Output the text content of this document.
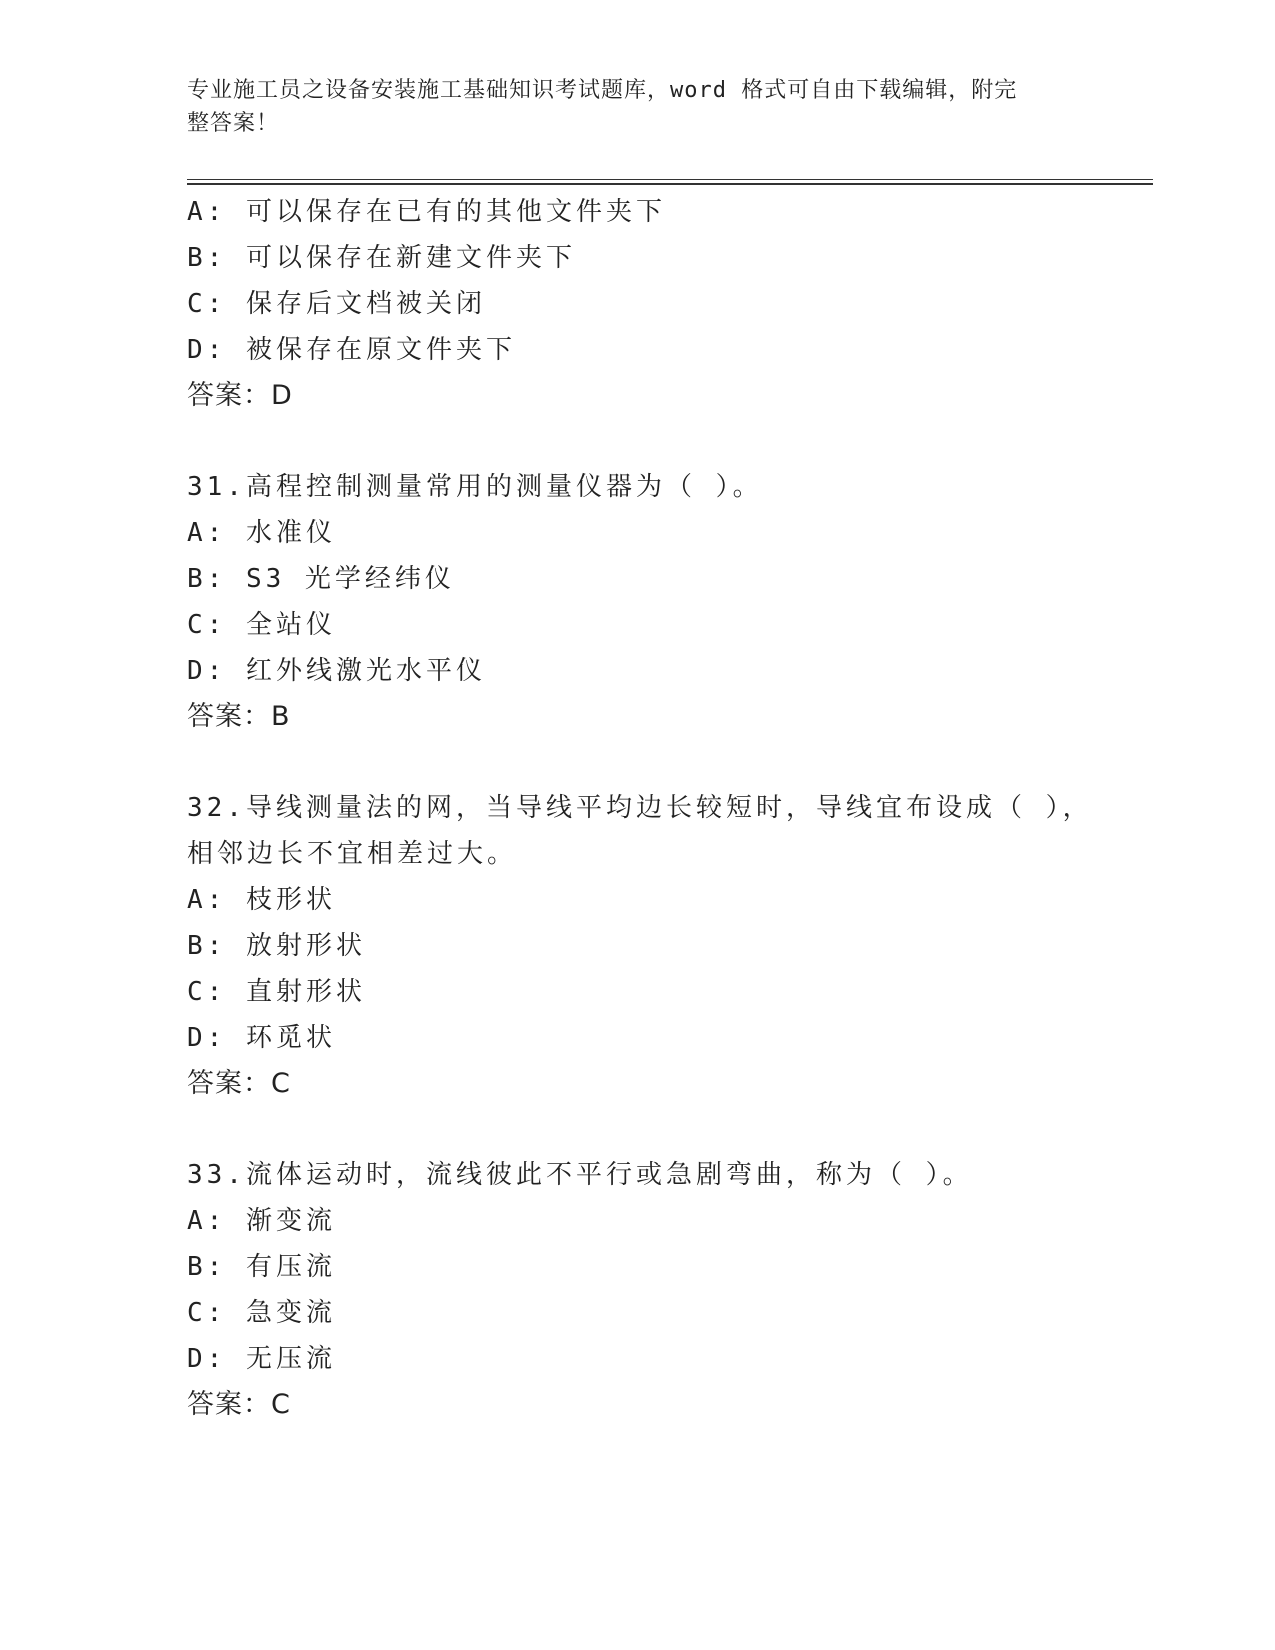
专业施工员之设备安装施工基础知识考试题库，word 格式可自由下载编辑，附完
整答案！
A: 可以保存在已有的其他文件夹下
B: 可以保存在新建文件夹下
C: 保存后文档被关闭
D: 被保存在原文件夹下
答案：D
31.高程控制测量常用的测量仪器为（ ）。
A: 水准仪
B: S3 光学经纬仪
C: 全站仪
D: 红外线激光水平仪
答案：B
32.导线测量法的网，当导线平均边长较短时，导线宜布设成（ ），
相邻边长不宜相差过大。
A: 枝形状
B: 放射形状
C: 直射形状
D: 环觅状
答案：C
33.流体运动时，流线彼此不平行或急剧弯曲，称为（ ）。
A: 渐变流
B: 有压流
C: 急变流
D: 无压流
答案：C
